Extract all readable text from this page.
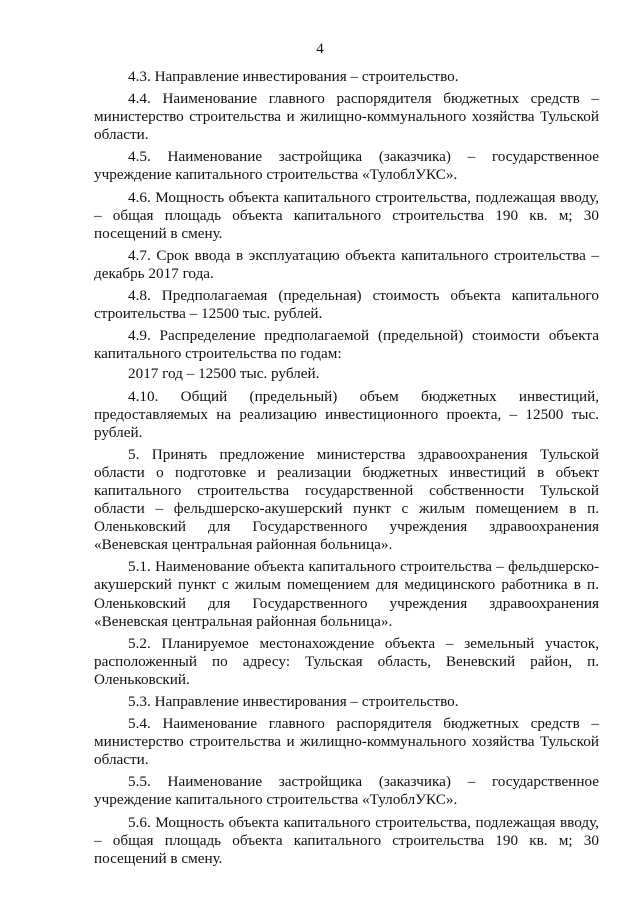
4

4.3. Направление инвестирования – строительство.

4.4. Наименование главного распорядителя бюджетных средств – министерство строительства и жилищно-коммунального хозяйства Тульской области.

4.5. Наименование застройщика (заказчика) – государственное учреждение капитального строительства «ТулоблУКС».

4.6. Мощность объекта капитального строительства, подлежащая вводу, – общая площадь объекта капитального строительства 190 кв. м; 30 посещений в смену.

4.7. Срок ввода в эксплуатацию объекта капитального строительства – декабрь 2017 года.

4.8. Предполагаемая (предельная) стоимость объекта капитального строительства – 12500 тыс. рублей.

4.9. Распределение предполагаемой (предельной) стоимости объекта капитального строительства по годам:

2017 год – 12500 тыс. рублей.

4.10. Общий (предельный) объем бюджетных инвестиций, предоставляемых на реализацию инвестиционного проекта, – 12500 тыс. рублей.

5. Принять предложение министерства здравоохранения Тульской области о подготовке и реализации бюджетных инвестиций в объект капитального строительства государственной собственности Тульской области – фельдшерско-акушерский пункт с жилым помещением в п. Оленьковский для Государственного учреждения здравоохранения «Веневская центральная районная больница».

5.1. Наименование объекта капитального строительства – фельдшерско-акушерский пункт с жилым помещением для медицинского работника в п. Оленьковский для Государственного учреждения здравоохранения «Веневская центральная районная больница».

5.2. Планируемое местонахождение объекта – земельный участок, расположенный по адресу: Тульская область, Веневский район, п. Оленьковский.

5.3. Направление инвестирования – строительство.

5.4. Наименование главного распорядителя бюджетных средств – министерство строительства и жилищно-коммунального хозяйства Тульской области.

5.5. Наименование застройщика (заказчика) – государственное учреждение капитального строительства «ТулоблУКС».

5.6. Мощность объекта капитального строительства, подлежащая вводу, – общая площадь объекта капитального строительства 190 кв. м; 30 посещений в смену.
